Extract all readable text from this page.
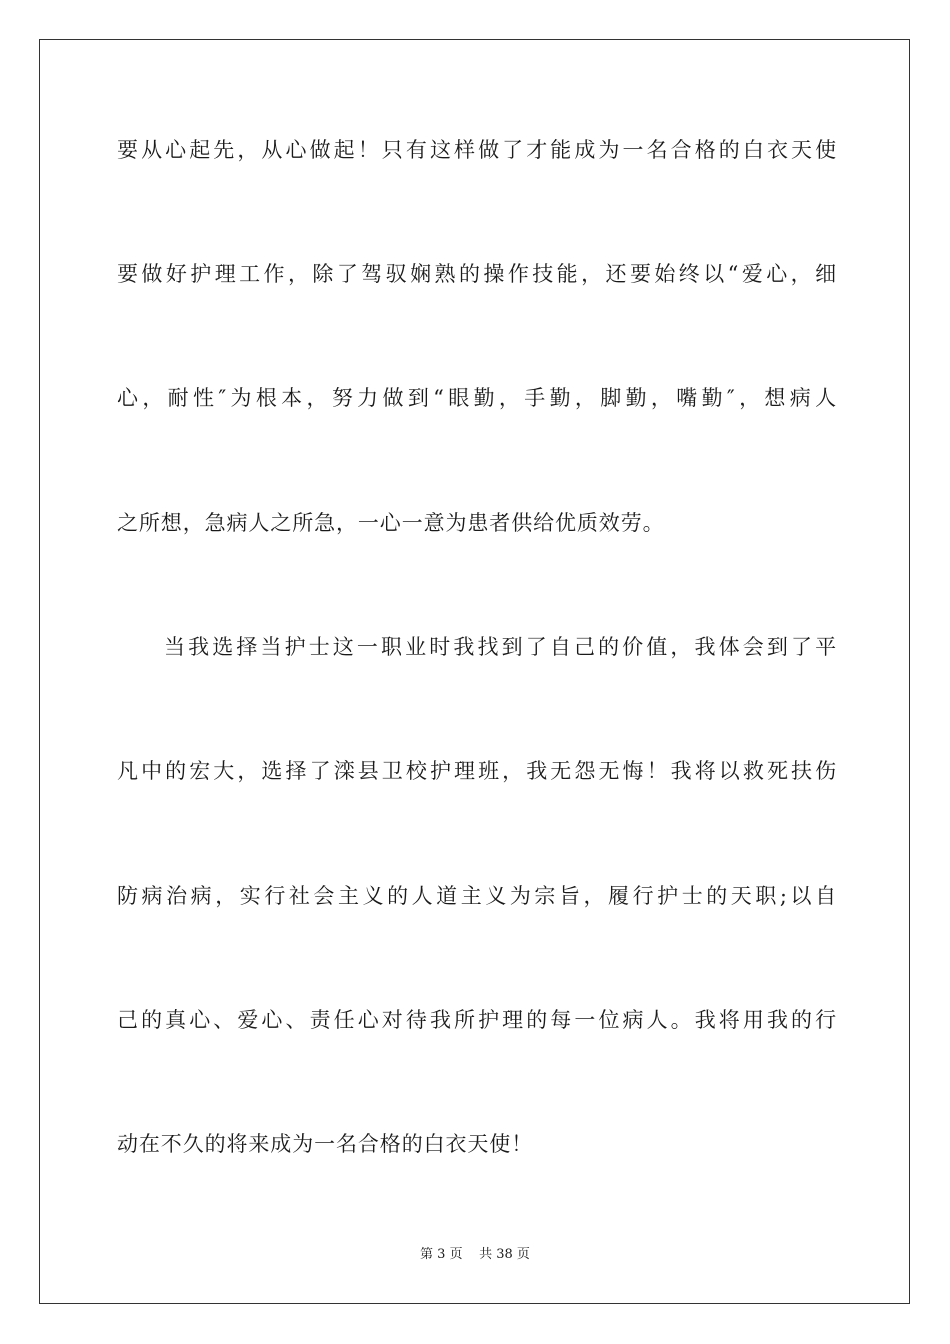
要从心起先，从心做起！只有这样做了才能成为一名合格的白衣天使
要做好护理工作，除了驾驭娴熟的操作技能，还要始终以“爱心，细
心，耐性″为根本，努力做到“眼勤，手勤，脚勤，嘴勤″，想病人
之所想，急病人之所急，一心一意为患者供给优质效劳。
当我选择当护士这一职业时我找到了自己的价值，我体会到了平
凡中的宏大，选择了滦县卫校护理班，我无怨无悔！我将以救死扶伤
防病治病，实行社会主义的人道主义为宗旨，履行护士的天职;以自
己的真心、爱心、责任心对待我所护理的每一位病人。我将用我的行
动在不久的将来成为一名合格的白衣天使！
第 3 页 共 38 页
